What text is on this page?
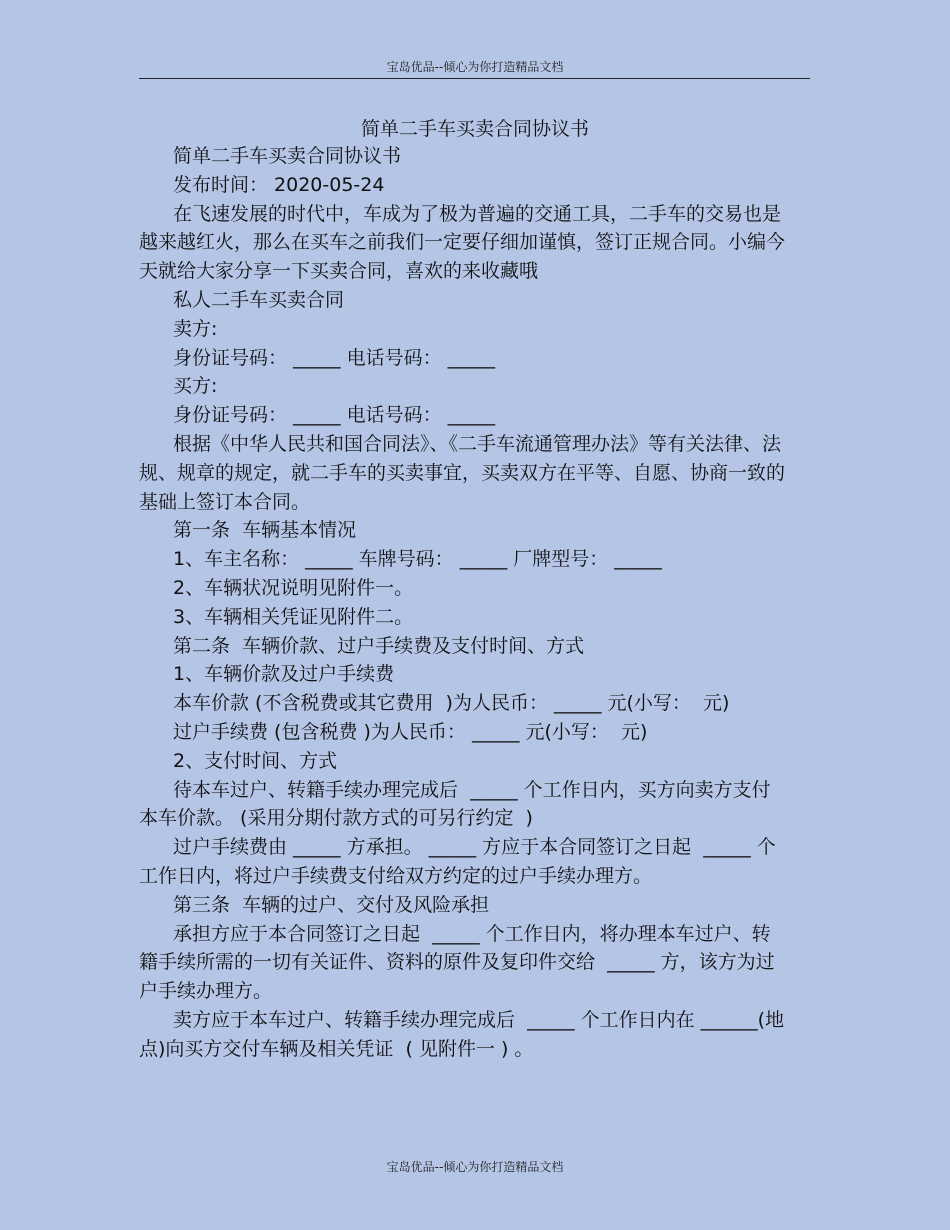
宝岛优品--倾心为你打造精品文档
简单二手车买卖合同协议书

简单二手车买卖合同协议书

发布时间： 2020-05-24

在飞速发展的时代中，车成为了极为普遍的交通工具，二手车的交易也是越来越红火，那么在买车之前我们一定要仔细加谨慎，签订正规合同。小编今天就给大家分享一下买卖合同，喜欢的来收藏哦

私人二手车买卖合同

卖方:

身份证号码： _____ 电话号码： _____

买方:

身份证号码： _____ 电话号码： _____

根据《中华人民共和国合同法》、《二手车流通管理办法》等有关法律、法规、规章的规定，就二手车的买卖事宜，买卖双方在平等、自愿、协商一致的基础上签订本合同。

第一条  车辆基本情况

1、车主名称： _____ 车牌号码： _____ 厂牌型号： _____

2、车辆状况说明见附件一。

3、车辆相关凭证见附件二。

第二条  车辆价款、过户手续费及支付时间、方式

1、车辆价款及过户手续费

本车价款 (不含税费或其它费用  )为人民币： _____ 元(小写：  元)

过户手续费 (包含税费 )为人民币： _____ 元(小写：  元)

2、支付时间、方式

待本车过户、转籍手续办理完成后  _____ 个工作日内，买方向卖方支付本车价款。 (采用分期付款方式的可另行约定  )

过户手续费由 _____ 方承担。 _____ 方应于本合同签订之日起  _____ 个工作日内，将过户手续费支付给双方约定的过户手续办理方。

第三条  车辆的过户、交付及风险承担

承担方应于本合同签订之日起  _____ 个工作日内，将办理本车过户、转籍手续所需的一切有关证件、资料的原件及复印件交给  _____ 方，该方为过户手续办理方。

卖方应于本车过户、转籍手续办理完成后  _____ 个工作日内在 ______(地点)向买方交付车辆及相关凭证  ( 见附件一 ) 。

宝岛优品--倾心为你打造精品文档
